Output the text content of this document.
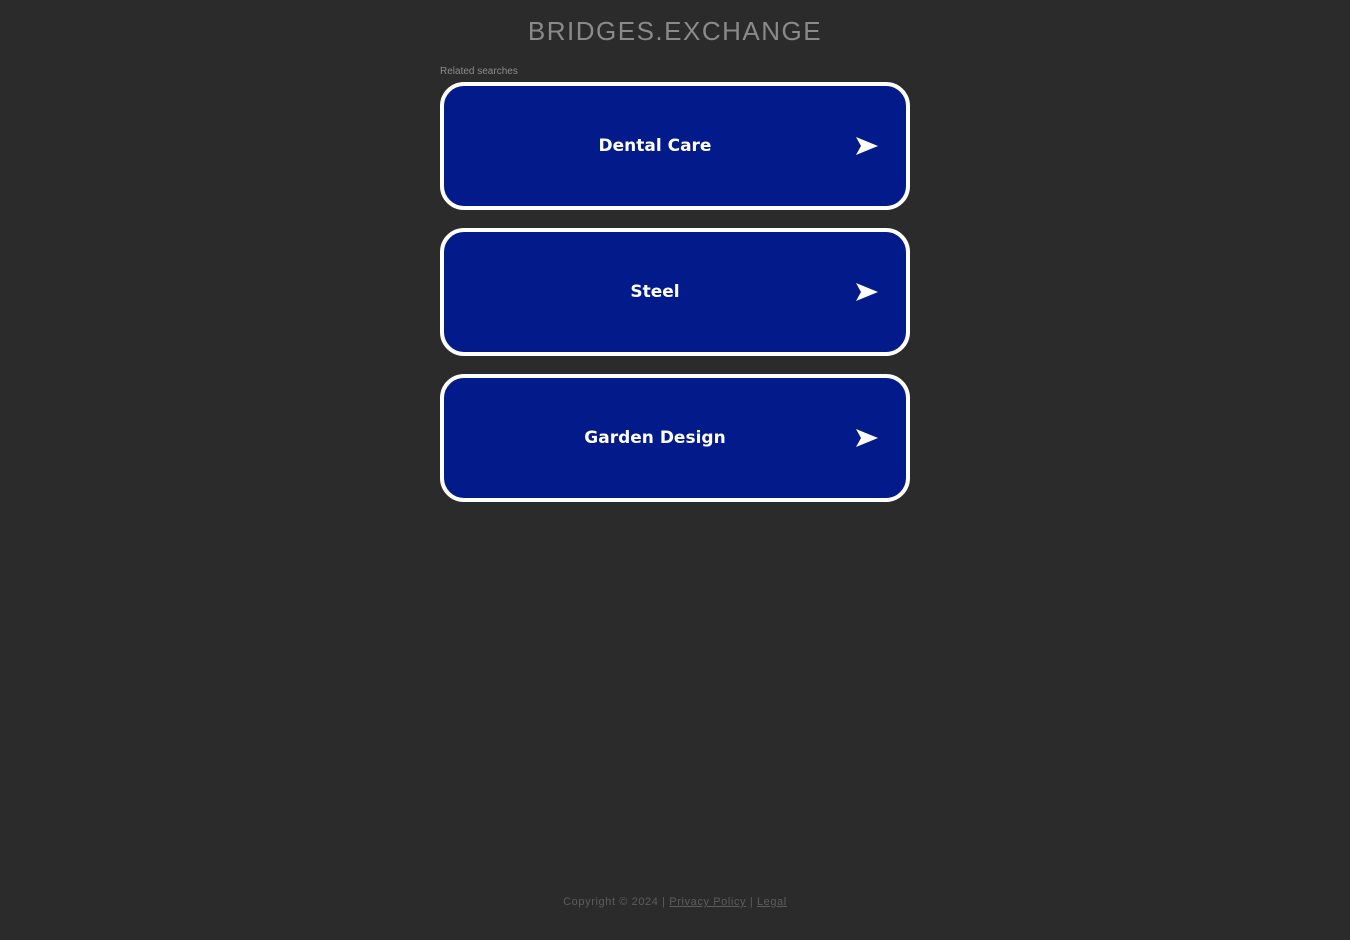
BRIDGES.EXCHANGE
Related searches
Dental Care
Steel
Garden Design
Copyright © 2024 | Privacy Policy | Legal
